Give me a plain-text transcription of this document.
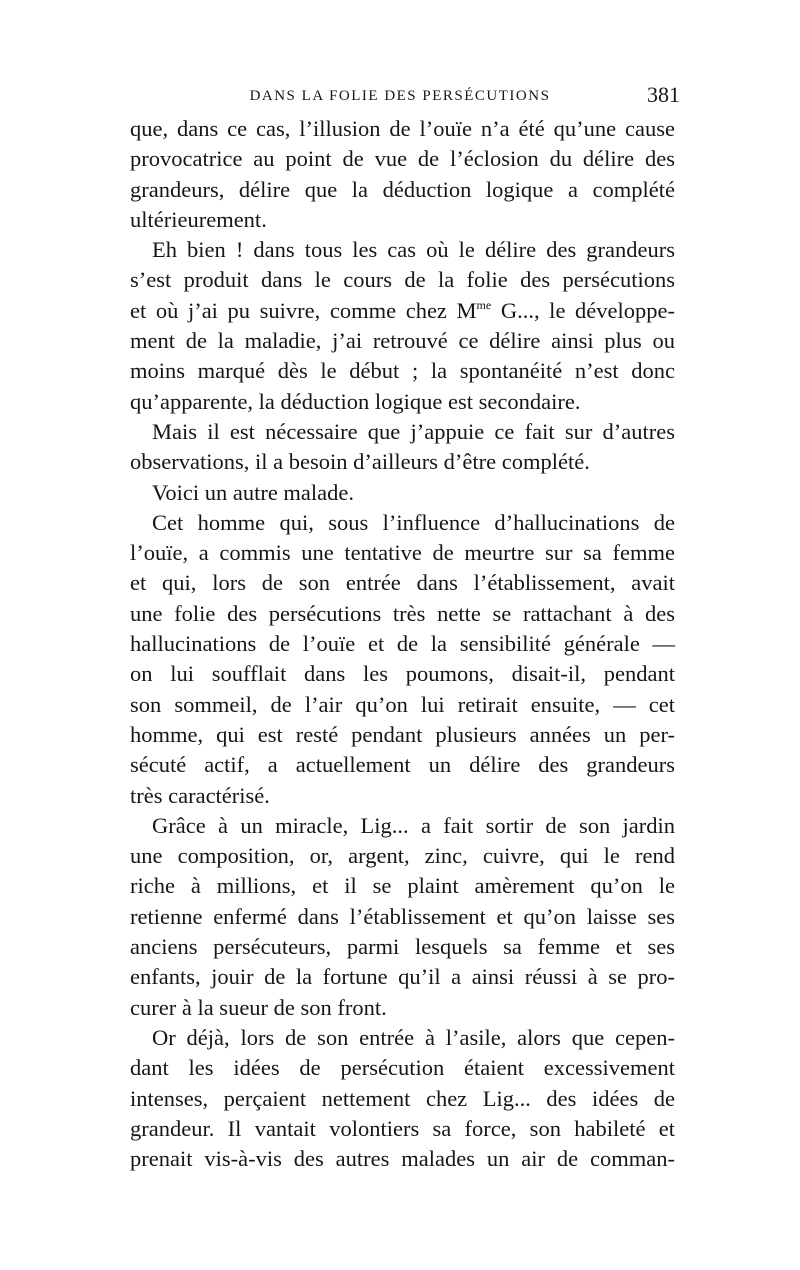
DANS LA FOLIE DES PERSÉCUTIONS	381
que, dans ce cas, l’illusion de l’ouïe n’a été qu’une cause
provocatrice au point de vue de l’éclosion du délire des
grandeurs, délire que la déduction logique a complété
ultérieurement.
Eh bien ! dans tous les cas où le délire des grandeurs
s’est produit dans le cours de la folie des persécutions
et où j’ai pu suivre, comme chez $M^{me}$ G..., le développe-
ment de la maladie, j’ai retrouvé ce délire ainsi plus ou
moins marqué dès le début ; la spontanéité n’est donc
qu’apparente, la déduction logique est secondaire.
Mais il est nécessaire que j’appuie ce fait sur d’autres
observations, il a besoin d’ailleurs d’être complété.
Voici un autre malade.
Cet homme qui, sous l’influence d’hallucinations de
l’ouïe, a commis une tentative de meurtre sur sa femme
et qui, lors de son entrée dans l’établissement, avait
une folie des persécutions très nette se rattachant à des
hallucinations de l’ouïe et de la sensibilité générale —
on lui soufflait dans les poumons, disait-il, pendant
son sommeil, de l’air qu’on lui retirait ensuite, — cet
homme, qui est resté pendant plusieurs années un per-
sécuté actif, a actuellement un délire des grandeurs
très caractérisé.
Grâce à un miracle, Lig... a fait sortir de son jardin
une composition, or, argent, zinc, cuivre, qui le rend
riche à millions, et il se plaint amèrement qu’on le
retienne enfermé dans l’établissement et qu’on laisse ses
anciens persécuteurs, parmi lesquels sa femme et ses
enfants, jouir de la fortune qu’il a ainsi réussi à se pro-
curer à la sueur de son front.
Or déjà, lors de son entrée à l’asile, alors que cepen-
dant les idées de persécution étaient excessivement
intenses, perçaient nettement chez Lig... des idées de
grandeur. Il vantait volontiers sa force, son habileté et
prenait vis-à-vis des autres malades un air de comman-
